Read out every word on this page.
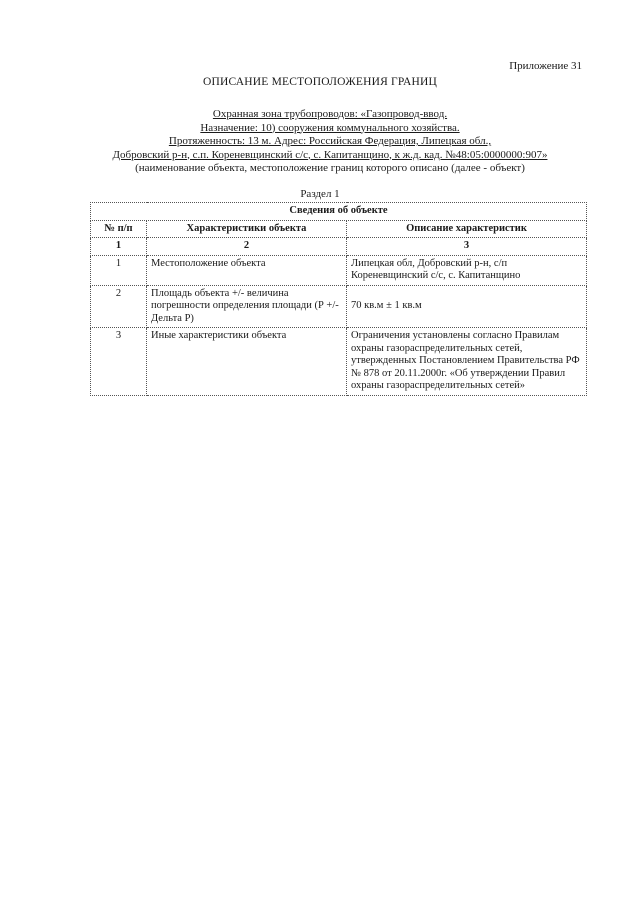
Приложение 31
ОПИСАНИЕ МЕСТОПОЛОЖЕНИЯ ГРАНИЦ
Охранная зона трубопроводов: «Газопровод-ввод.
Назначение: 10) сооружения коммунального хозяйства.
Протяженность: 13 м. Адрес: Российская Федерация, Липецкая обл.,
Добровский р-н, с.п. Кореневщинский с/с, с. Капитанщино, к ж.д. кад. №48:05:0000000:907»
(наименование объекта, местоположение границ которого описано (далее - объект)
Раздел 1
Сведения об объекте		
№ п/п	Характеристики объекта	Описание характеристик
1	2	3
1	Местоположение объекта	Липецкая обл, Добровский р-н, с/п Кореневщинский с/с, с. Капитанщино
2	Площадь объекта +/- величина погрешности определения площади (Р +/- Дельта Р)	70 кв.м ± 1 кв.м
3	Иные характеристики объекта	Ограничения установлены согласно Правилам охраны газораспределительных сетей, утвержденных Постановлением Правительства РФ № 878 от 20.11.2000г. «Об утверждении Правил охраны газораспределительных сетей»
